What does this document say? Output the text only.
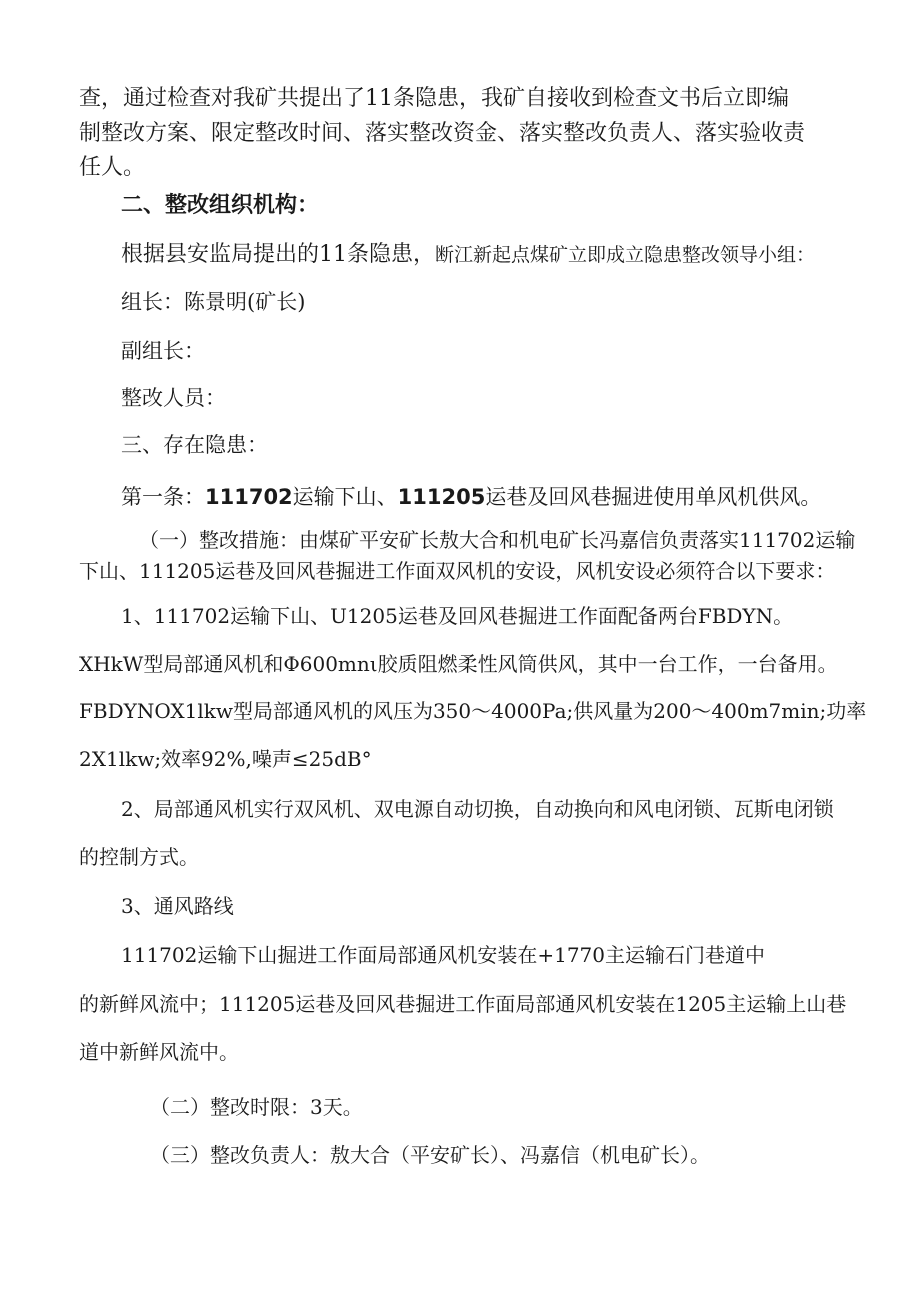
查，通过检查对我矿共提出了11条隐患，我矿自接收到检查文书后立即编
制整改方案、限定整改时间、落实整改资金、落实整改负责人、落实验收责
任人。
二、整改组织机构：
根据县安监局提出的11条隐患，断江新起点煤矿立即成立隐患整改领导小组：
组长：陈景明(矿长)
副组长：
整改人员：
三、存在隐患：
第一条：111702运输下山、111205运巷及回风巷掘进使用单风机供风。
（一）整改措施：由煤矿平安矿长敖大合和机电矿长冯嘉信负责落实111702运输
下山、111205运巷及回风巷掘进工作面双风机的安设，风机安设必须符合以下要求：
1、111702运输下山、U1205运巷及回风巷掘进工作面配备两台FBDYN。
XHkW型局部通风机和Φ600mnι胶质阻燃柔性风筒供风，其中一台工作，一台备用。
FBDYNOX1lkw型局部通风机的风压为350～4000Pa;供风量为200～400m7min;功率
2X1lkw;效率92%,噪声≤25dB°
2、局部通风机实行双风机、双电源自动切换，自动换向和风电闭锁、瓦斯电闭锁
的控制方式。
3、通风路线
111702运输下山掘进工作面局部通风机安装在+1770主运输石门巷道中
的新鲜风流中；111205运巷及回风巷掘进工作面局部通风机安装在1205主运输上山巷
道中新鲜风流中。
（二）整改时限：3天。
（三）整改负责人：敖大合（平安矿长）、冯嘉信（机电矿长）。
